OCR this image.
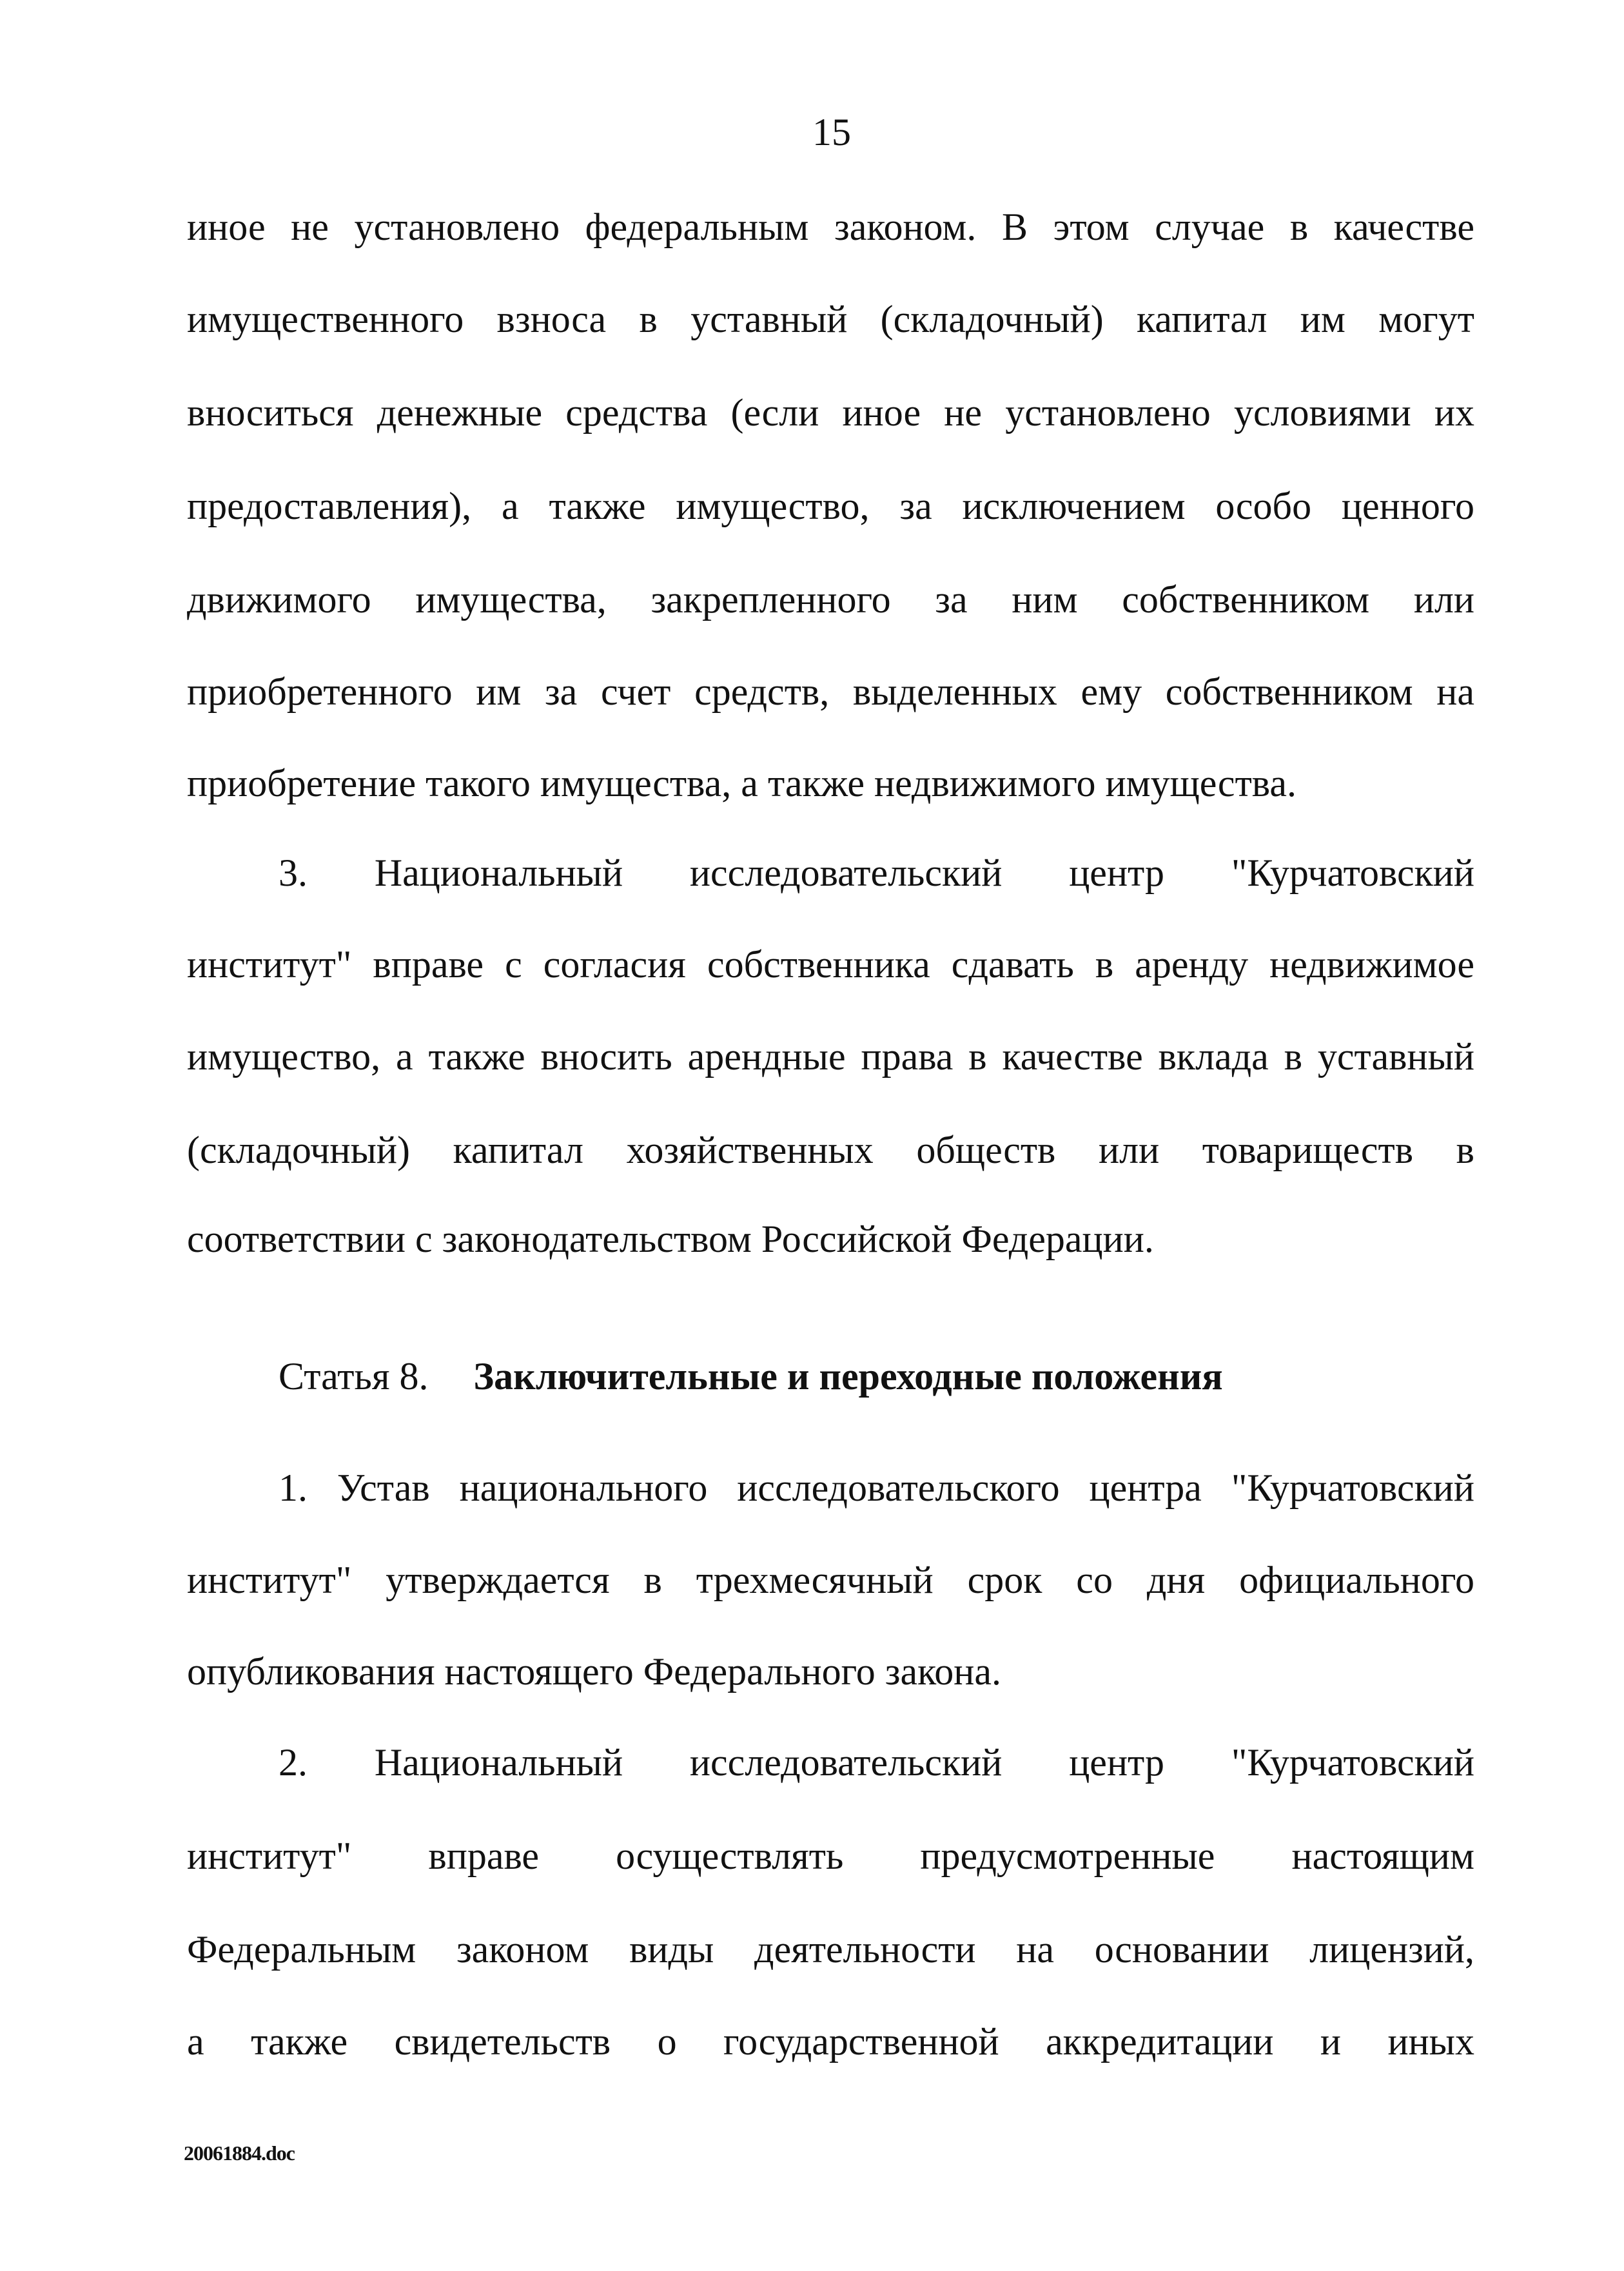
15
иное не установлено федеральным законом. В этом случае в качестве
имущественного взноса в уставный (складочный) капитал им могут
вноситься денежные средства (если иное не установлено условиями их
предоставления), а также имущество, за исключением особо ценного
движимого имущества, закрепленного за ним собственником или
приобретенного им за счет средств, выделенных ему собственником на
приобретение такого имущества, а также недвижимого имущества.
3. Национальный исследовательский центр "Курчатовский
институт" вправе с согласия собственника сдавать в аренду недвижимое
имущество, а также вносить арендные права в качестве вклада в уставный
(складочный) капитал хозяйственных обществ или товариществ в
соответствии с законодательством Российской Федерации.
Статья 8. Заключительные и переходные положения
1. Устав национального исследовательского центра "Курчатовский
институт" утверждается в трехмесячный срок со дня официального
опубликования настоящего Федерального закона.
2. Национальный исследовательский центр "Курчатовский
институт" вправе осуществлять предусмотренные настоящим
Федеральным законом виды деятельности на основании лицензий,
а также свидетельств о государственной аккредитации и иных
20061884.doc
